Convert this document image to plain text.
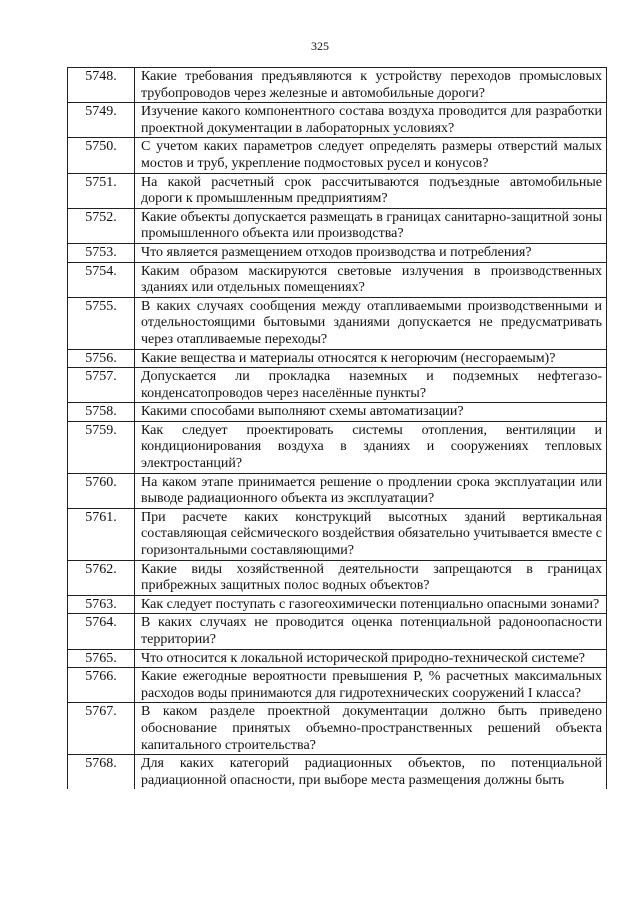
325
5748.	Какие требования предъявляются к устройству переходов промысловых трубопроводов через железные и автомобильные дороги?
5749.	Изучение какого компонентного состава воздуха проводится для разработки проектной документации в лабораторных условиях?
5750.	С учетом каких параметров следует определять размеры отверстий малых мостов и труб, укрепление подмостовых русел и конусов?
5751.	На какой расчетный срок рассчитываются подъездные автомобильные дороги к промышленным предприятиям?
5752.	Какие объекты допускается размещать в границах санитарно-защитной зоны промышленного объекта или производства?
5753.	Что является размещением отходов производства и потребления?
5754.	Каким образом маскируются световые излучения в производственных зданиях или отдельных помещениях?
5755.	В каких случаях сообщения между отапливаемыми производственными и отдельностоящими бытовыми зданиями допускается не предусматривать через отапливаемые переходы?
5756.	Какие вещества и материалы относятся к негорючим (несгораемым)?
5757.	Допускается ли прокладка наземных и подземных нефтегазо-конденсатопроводов через населённые пункты?
5758.	Какими способами выполняют схемы автоматизации?
5759.	Как следует проектировать системы отопления, вентиляции и кондиционирования воздуха в зданиях и сооружениях тепловых электростанций?
5760.	На каком этапе принимается решение о продлении срока эксплуатации или выводе радиационного объекта из эксплуатации?
5761.	При расчете каких конструкций высотных зданий вертикальная составляющая сейсмического воздействия обязательно учитывается вместе с горизонтальными составляющими?
5762.	Какие виды хозяйственной деятельности запрещаются в границах прибрежных защитных полос водных объектов?
5763.	Как следует поступать с газогеохимически потенциально опасными зонами?
5764.	В каких случаях не проводится оценка потенциальной радоноопасности территории?
5765.	Что относится к локальной исторической природно-технической системе?
5766.	Какие ежегодные вероятности превышения Р, % расчетных максимальных расходов воды принимаются для гидротехнических сооружений I класса?
5767.	В каком разделе проектной документации должно быть приведено обоснование принятых объемно-пространственных решений объекта капитального строительства?
5768.	Для каких категорий радиационных объектов, по потенциальной радиационной опасности, при выборе места размещения должны быть
